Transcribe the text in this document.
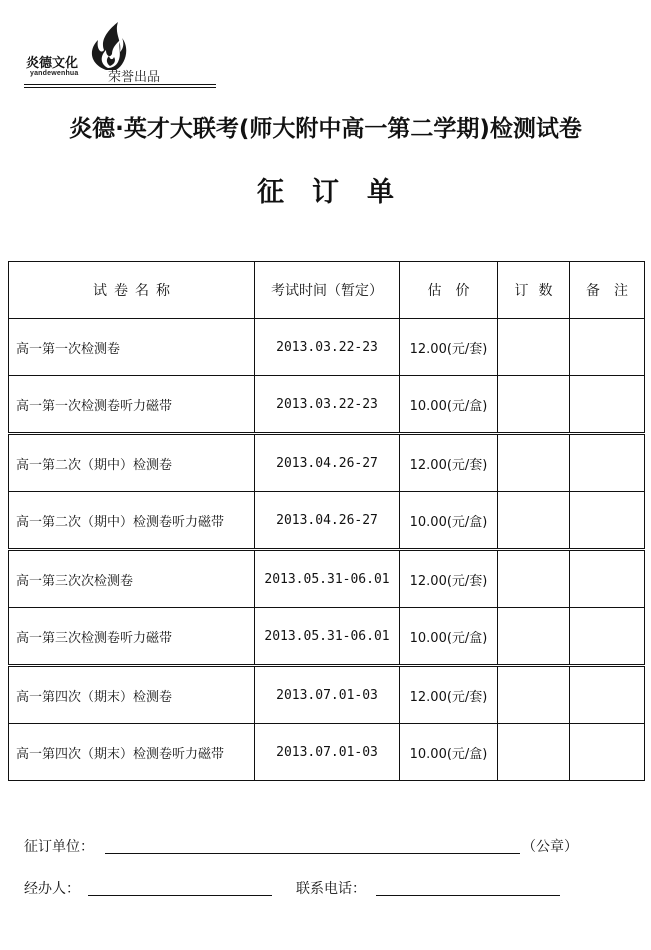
炎德文化
yandewenhua 荣誉出品
炎德·英才大联考(师大附中高一第二学期)检测试卷
征订单
试卷名称	考试时间（暂定）	估价	订数	备注
高一第一次检测卷	2013.03.22-23	12.00(元/套)		
高一第一次检测卷听力磁带	2013.03.22-23	10.00(元/盒)		
高一第二次（期中）检测卷	2013.04.26-27	12.00(元/套)		
高一第二次（期中）检测卷听力磁带	2013.04.26-27	10.00(元/盒)		
高一第三次次检测卷	2013.05.31-06.01	12.00(元/套)		
高一第三次检测卷听力磁带	2013.05.31-06.01	10.00(元/盒)		
高一第四次（期末）检测卷	2013.07.01-03	12.00(元/套)		
高一第四次（期末）检测卷听力磁带	2013.07.01-03	10.00(元/盒)		
征订单位：	（公章）
经办人：	联系电话：
